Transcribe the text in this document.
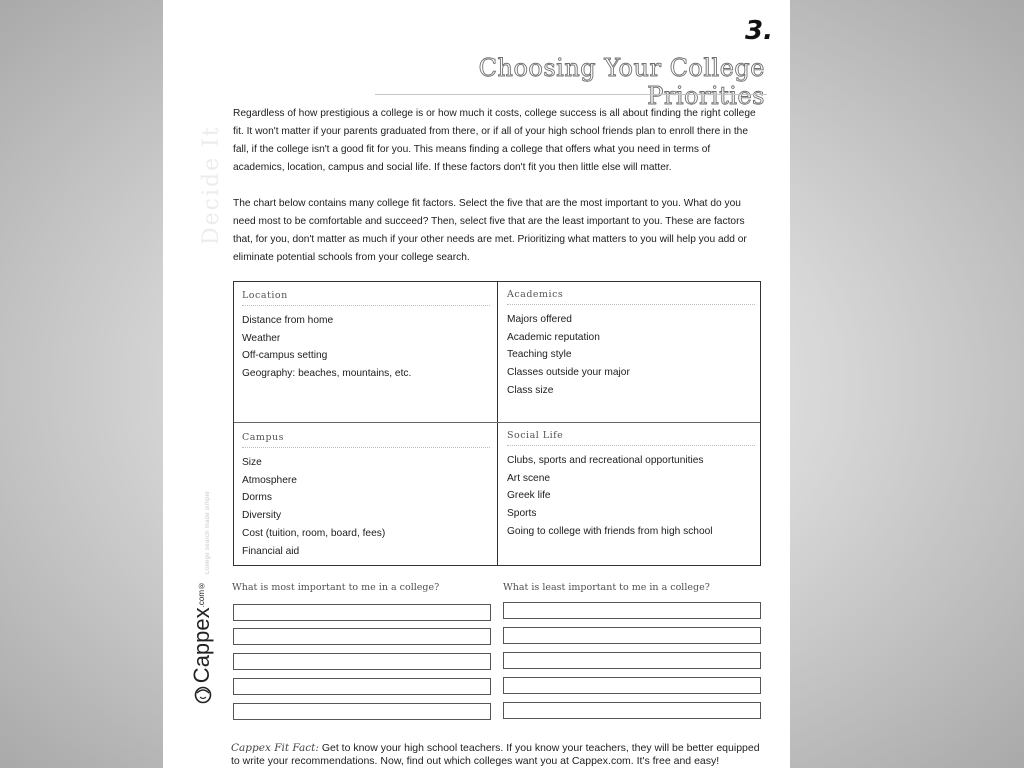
3.
Choosing Your College Priorities
Decide It
Regardless of how prestigious a college is or how much it costs, college success is all about finding the right college fit. It won't matter if your parents graduated from there, or if all of your high school friends plan to enroll there in the fall, if the college isn't a good fit for you. This means finding a college that offers what you need in terms of academics, location, campus and social life. If these factors don't fit you then little else will matter.
The chart below contains many college fit factors. Select the five that are the most important to you. What do you need most to be comfortable and succeed? Then, select five that are the least important to you. These are factors that, for you, don't matter as much if your other needs are met. Prioritizing what matters to you will help you add or eliminate potential schools from your college search.
Location
Distance from home
Weather
Off-campus setting
Geography: beaches, mountains, etc.
Academics
Majors offered
Academic reputation
Teaching style
Classes outside your major
Class size
Campus
Size
Atmosphere
Dorms
Diversity
Cost (tuition, room, board, fees)
Financial aid
Social Life
Clubs, sports and recreational opportunities
Art scene
Greek life
Sports
Going to college with friends from high school
What is most important to me in a college?	What is least important to me in a college?
College search made simple
Cappex.com®
Cappex Fit Fact: Get to know your high school teachers. If you know your teachers, they will be better equipped to write your recommendations. Now, find out which colleges want you at Cappex.com. It's free and easy!
